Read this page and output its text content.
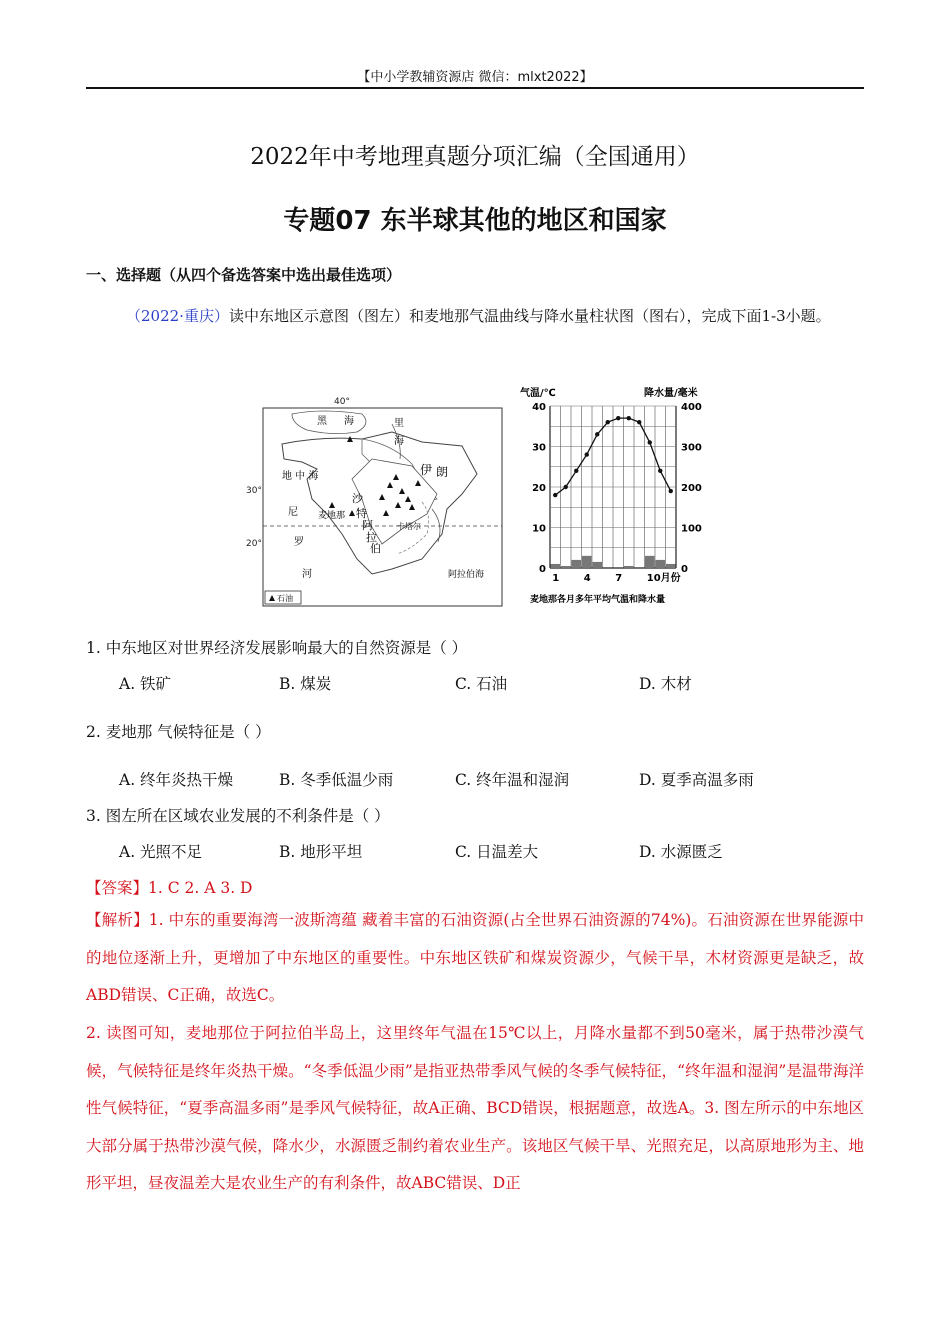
【中小学教辅资源店 微信：mlxt2022】
2022年中考地理真题分项汇编（全国通用）
专题07 东半球其他的地区和国家
一、选择题（从四个备选答案中选出最佳选项）
（2022·重庆）读中东地区示意图（图左）和麦地那气温曲线与降水量柱状图（图右），完成下面1-3小题。
40°
30°
20°
黑 海	里
海
地 中 海	伊 朗
沙
特
阿
拉
伯
麦地那
卡塔尔
尼
罗
河	阿拉伯海
石油
气温/℃	降水量/毫米
麦地那各月多年平均气温和降水量
0
10
20
30
40
0
100
200
300
400
1 4 7 10月份
1. 中东地区对世界经济发展影响最大的自然资源是（ ）
A. 铁矿	B. 煤炭	C. 石油	D. 木材
2. 麦地那 气候特征是（ ）
A. 终年炎热干燥	B. 冬季低温少雨	C. 终年温和湿润	D. 夏季高温多雨
3. 图左所在区域农业发展的不利条件是（ ）
A. 光照不足	B. 地形平坦	C. 日温差大	D. 水源匮乏
【答案】1. C 2. A 3. D
【解析】1. 中东的重要海湾一波斯湾蕴 藏着丰富的石油资源(占全世界石油资源的74%)。石油资源在世界能源中的地位逐渐上升，更增加了中东地区的重要性。中东地区铁矿和煤炭资源少，气候干旱，木材资源更是缺乏，故ABD错误、C正确，故选C。
2. 读图可知，麦地那位于阿拉伯半岛上，这里终年气温在15℃以上，月降水量都不到50毫米，属于热带沙漠气候，气候特征是终年炎热干燥。“冬季低温少雨”是指亚热带季风气候的冬季气候特征，“终年温和湿润”是温带海洋性气候特征，“夏季高温多雨”是季风气候特征，故A正确、BCD错误，根据题意，故选A。3. 图左所示的中东地区大部分属于热带沙漠气候，降水少，水源匮乏制约着农业生产。该地区气候干旱、光照充足，以高原地形为主、地形平坦，昼夜温差大是农业生产的有利条件，故ABC错误、D正
